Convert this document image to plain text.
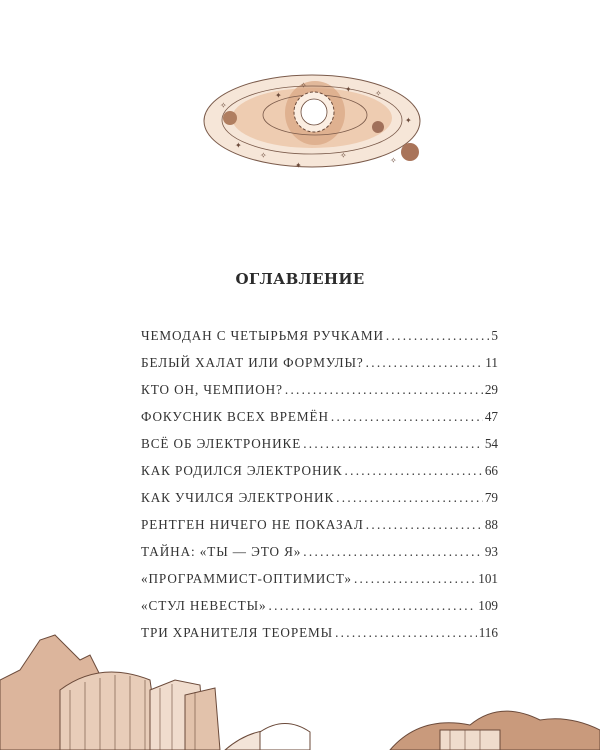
✦
✧	✦	✧
✧
✦
✦
✧
✦
✧
✧
ОГЛАВЛЕНИЕ
ЧЕМОДАН С ЧЕТЫРЬМЯ РУЧКАМИ . . .	5
БЕЛЫЙ ХАЛАТ ИЛИ ФОРМУЛЫ? . . .	11
КТО ОН, ЧЕМПИОН? . . .	29
ФОКУСНИК ВСЕХ ВРЕМЁН . . .	47
ВСЁ ОБ ЭЛЕКТРОНИКЕ . . .	54
КАК РОДИЛСЯ ЭЛЕКТРОНИК . . .	66
КАК УЧИЛСЯ ЭЛЕКТРОНИК . . .	79
РЕНТГЕН НИЧЕГО НЕ ПОКАЗАЛ . . .	88
ТАЙНА: «ТЫ — ЭТО Я» . . .	93
«ПРОГРАММИСТ-ОПТИМИСТ» . . .	101
«СТУЛ НЕВЕСТЫ» . . .	109
ТРИ ХРАНИТЕЛЯ ТЕОРЕМЫ . . .	116
